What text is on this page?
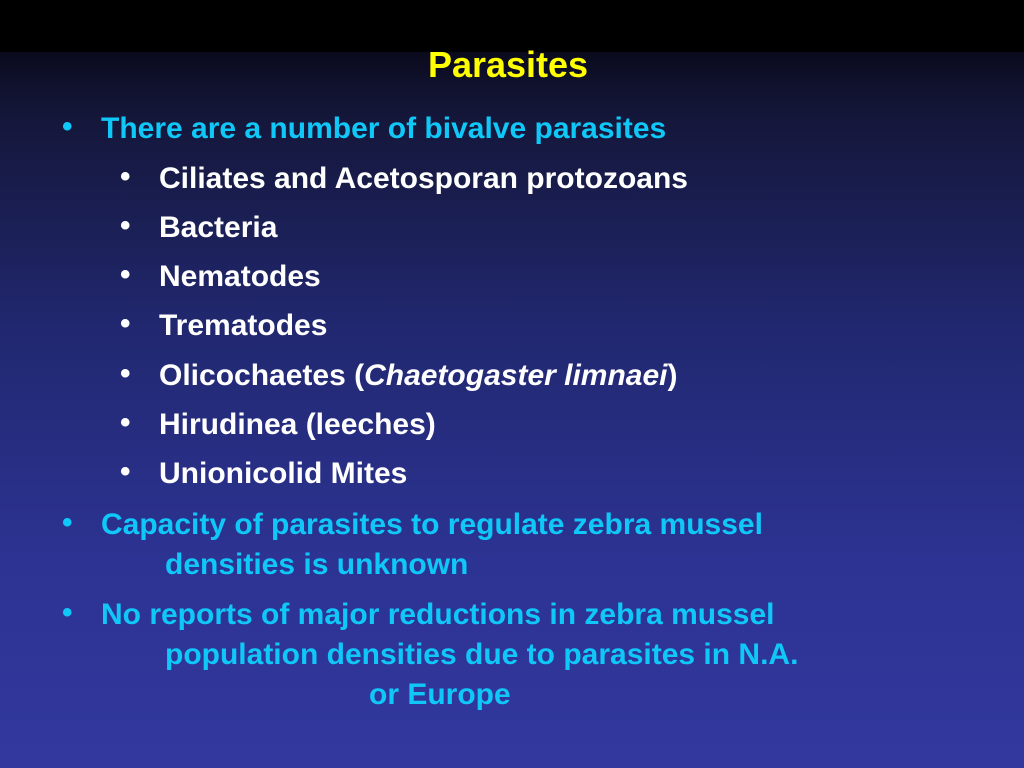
Parasites
• There are a number of bivalve parasites
• Ciliates and Acetosporan protozoans
• Bacteria
• Nematodes
• Trematodes
• Olicochaetes (Chaetogaster limnaei)
• Hirudinea (leeches)
• Unionicolid Mites
• Capacity of parasites to regulate zebra mussel
densities is unknown
• No reports of major reductions in zebra mussel
population densities due to parasites in N.A.
or Europe
